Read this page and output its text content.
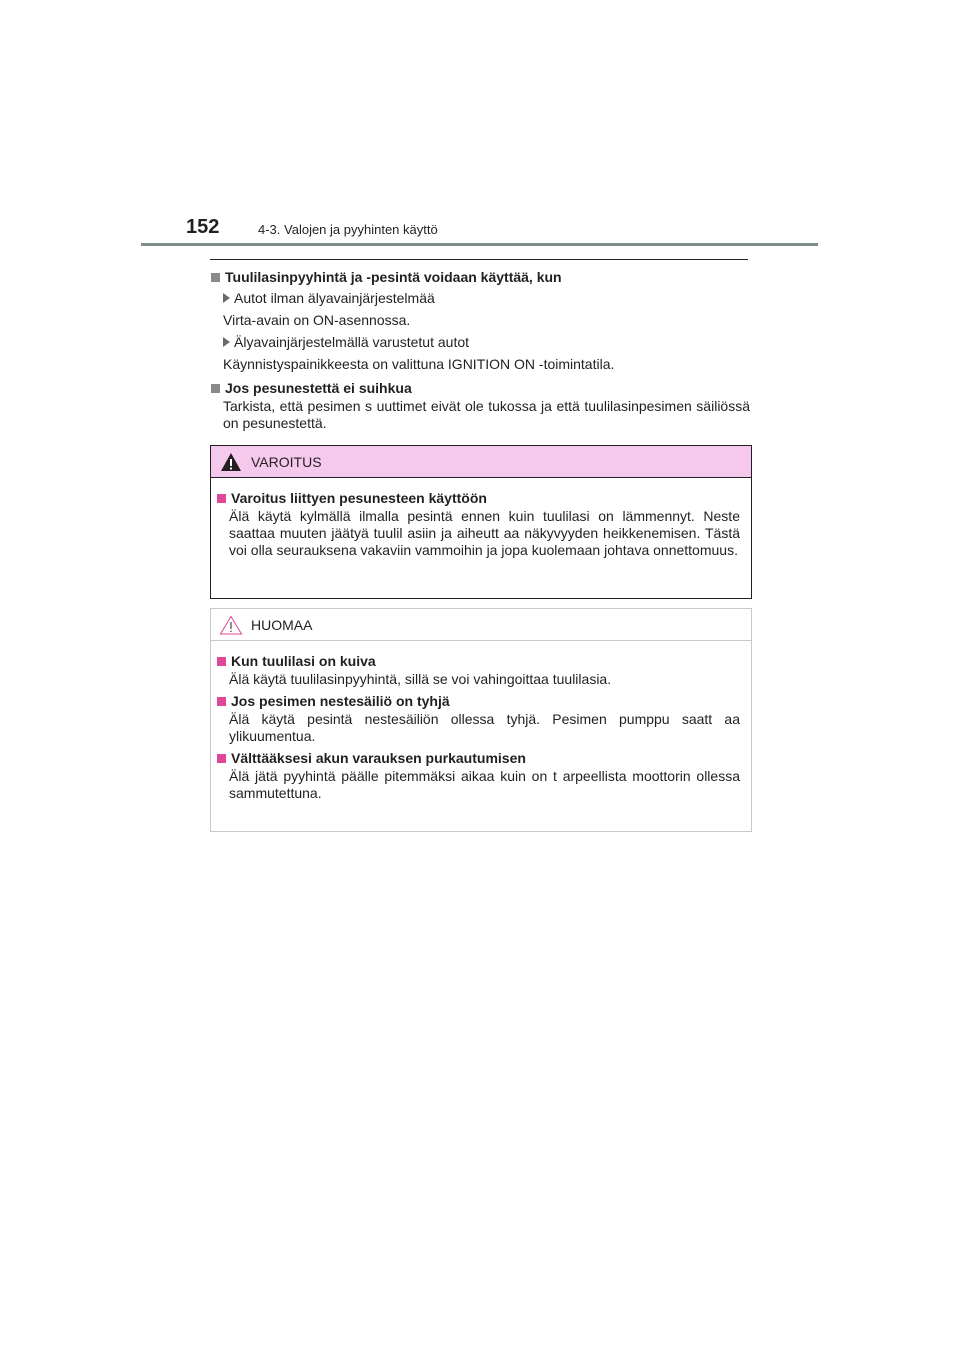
152	4-3. Valojen ja pyyhinten käyttö
Tuulilasinpyyhintä ja -pesintä voidaan käyttää, kun
Autot ilman älyavainjärjestelmää
Virta-avain on ON-asennossa.
Älyavainjärjestelmällä varustetut autot
Käynnistyspainikkeesta on valittuna IGNITION ON -toimintatila.
Jos pesunestettä ei suihkua
Tarkista, että pesimen s uuttimet eivät ole tukossa ja että tuulilasinpesimen säiliössä on pesunestettä.
VAROITUS
Varoitus liittyen pesunesteen käyttöön
Älä käytä kylmällä ilmalla pesintä ennen kuin tuulilasi on lämmennyt. Neste saattaa muuten jäätyä tuulil asiin ja aiheutt aa näkyvyyden heikkenemisen. Tästä voi olla seurauksena vakaviin vammoihin ja jopa kuolemaan johtava onnettomuus.
HUOMAA
Kun tuulilasi on kuiva
Älä käytä tuulilasinpyyhintä, sillä se voi vahingoittaa tuulilasia.
Jos pesimen nestesäiliö on tyhjä
Älä käytä pesintä nestesäiliön ollessa tyhjä. Pesimen pumppu saatt aa ylikuumentua.
Välttääksesi akun varauksen purkautumisen
Älä jätä pyyhintä päälle pitemmäksi aikaa kuin on t arpeellista moottorin ollessa sammutettuna.
